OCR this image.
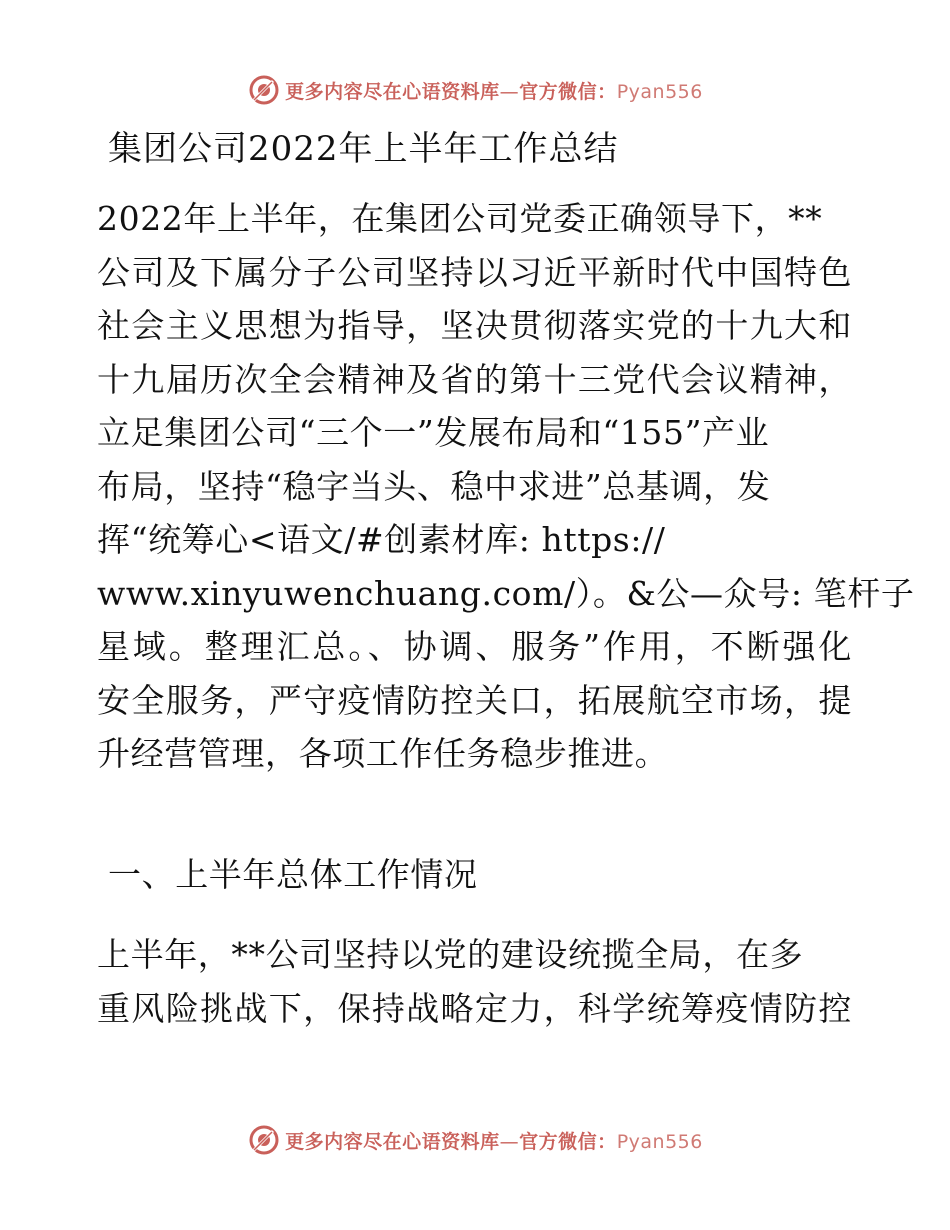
更多内容尽在心语资料库—官方微信：Pyan556
集团公司2022年上半年工作总结
2022年上半年，在集团公司党委正确领导下，**
公司及下属分子公司坚持以习近平新时代中国特色
社会主义思想为指导，坚决贯彻落实党的十九大和
十九届历次全会精神及省的第十三党代会议精神，
立足集团公司“三个一”发展布局和“155”产业
布局，坚持“稳字当头、稳中求进”总基调，发
挥“统筹心<语文/#创素材库: https://
www.xinyuwenchuang.com/）。&公—众号: 笔杆子
星域。整理汇总。、协调、服务”作用，不断强化
安全服务，严守疫情防控关口，拓展航空市场，提
升经营管理，各项工作任务稳步推进。
一、上半年总体工作情况
上半年，**公司坚持以党的建设统揽全局，在多
重风险挑战下，保持战略定力，科学统筹疫情防控
更多内容尽在心语资料库—官方微信：Pyan556
